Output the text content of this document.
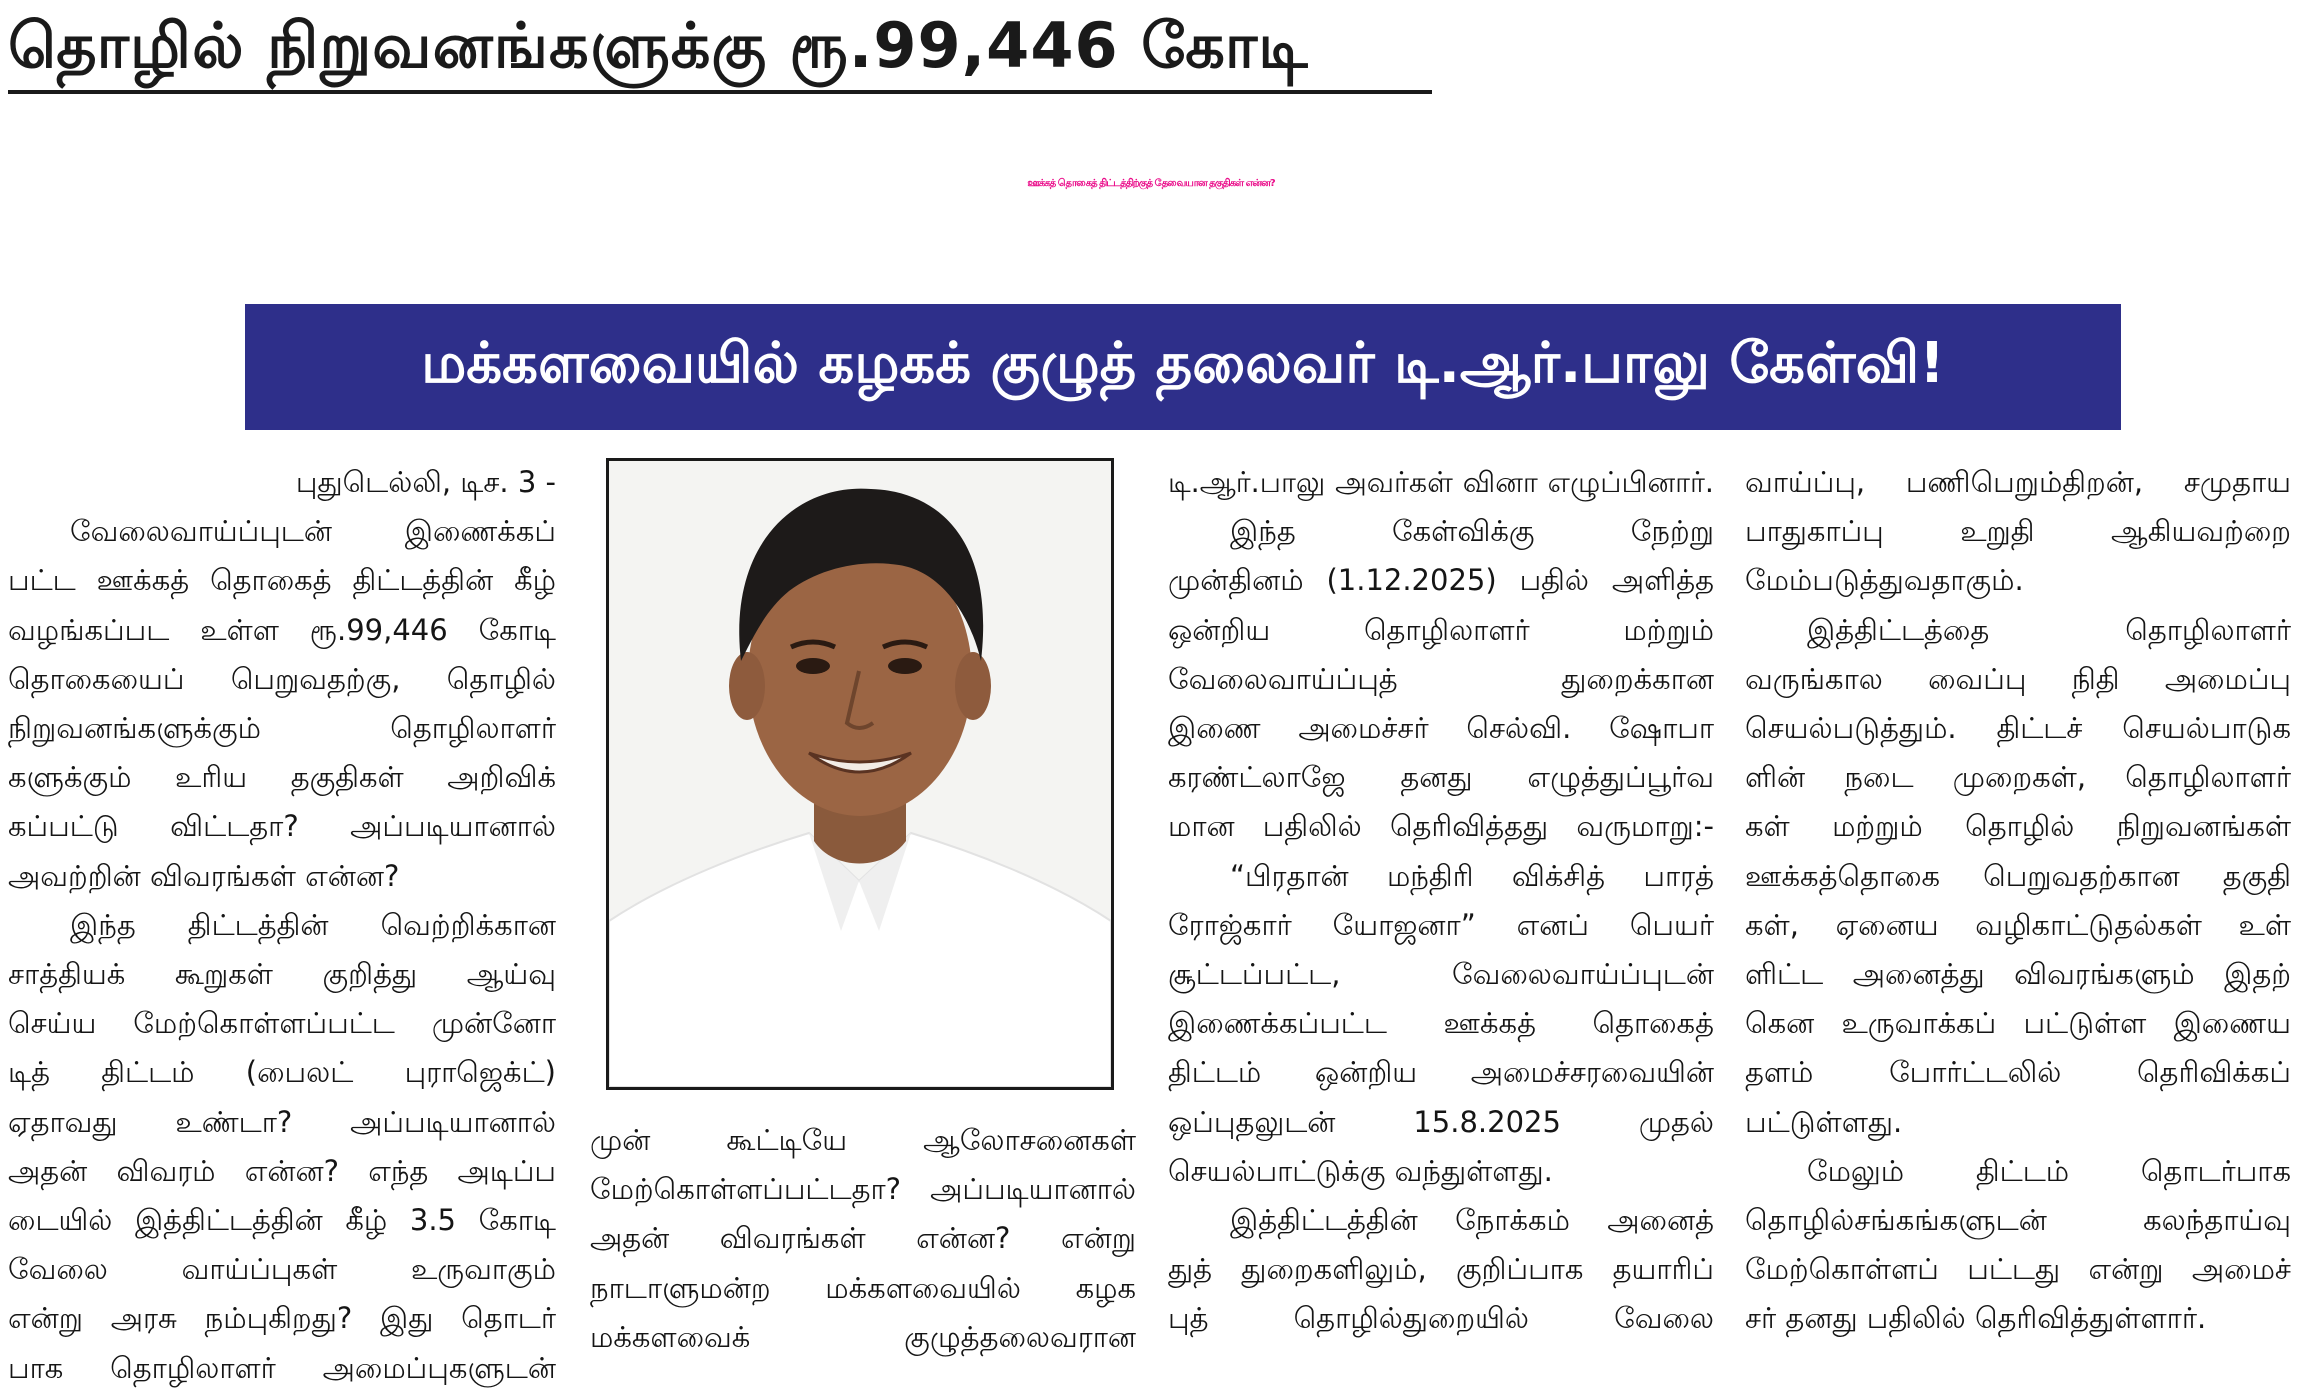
தொழில் நிறுவனங்களுக்கு ரூ.99,446 கோடி
ஊக்கத் தொகைத் திட்டத்திற்குத் தேவையான தகுதிகள் என்ன?
மக்களவையில் கழகக் குழுத் தலைவர் டி.ஆர்.பாலு கேள்வி!
புதுடெல்லி, டிச. 3 -
வேலைவாய்ப்புடன் இணைக்கப்
பட்ட ஊக்கத் தொகைத் திட்டத்தின் கீழ்
வழங்கப்பட உள்ள ரூ.99,446 கோடி
தொகையைப் பெறுவதற்கு, தொழில்
நிறுவனங்களுக்கும் தொழிலாளர்
களுக்கும் உரிய தகுதிகள் அறிவிக்
கப்பட்டு விட்டதா? அப்படியானால்
அவற்றின் விவரங்கள் என்ன?
இந்த திட்டத்தின் வெற்றிக்கான
சாத்தியக் கூறுகள் குறித்து ஆய்வு
செய்ய மேற்கொள்ளப்பட்ட முன்னோ
டித் திட்டம் (பைலட் புராஜெக்ட்)
ஏதாவது உண்டா? அப்படியானால்
அதன் விவரம் என்ன? எந்த அடிப்ப
டையில் இத்திட்டத்தின் கீழ் 3.5 கோடி
வேலை வாய்ப்புகள் உருவாகும்
என்று அரசு நம்புகிறது? இது தொடர்
பாக தொழிலாளர் அமைப்புகளுடன்
முன் கூட்டியே ஆலோசனைகள்
மேற்கொள்ளப்பட்டதா? அப்படியானால்
அதன் விவரங்கள் என்ன? என்று
நாடாளுமன்ற மக்களவையில் கழக
மக்களவைக் குழுத்தலைவரான
டி.ஆர்.பாலு அவர்கள் வினா எழுப்பினார்.
இந்த கேள்விக்கு நேற்று
முன்தினம் (1.12.2025) பதில் அளித்த
ஒன்றிய தொழிலாளர் மற்றும்
வேலைவாய்ப்புத் துறைக்கான
இணை அமைச்சர் செல்வி. ஷோபா
கரண்ட்லாஜே தனது எழுத்துப்பூர்வ
மான பதிலில் தெரிவித்தது வருமாறு:-
“பிரதான் மந்திரி விக்சித் பாரத்
ரோஜ்கார் யோஜனா” எனப் பெயர்
சூட்டப்பட்ட, வேலைவாய்ப்புடன்
இணைக்கப்பட்ட ஊக்கத் தொகைத்
திட்டம் ஒன்றிய அமைச்சரவையின்
ஒப்புதலுடன் 15.8.2025 முதல்
செயல்பாட்டுக்கு வந்துள்ளது.
இத்திட்டத்தின் நோக்கம் அனைத்
துத் துறைகளிலும், குறிப்பாக தயாரிப்
புத் தொழில்துறையில் வேலை
வாய்ப்பு, பணிபெறும்திறன், சமுதாய
பாதுகாப்பு உறுதி ஆகியவற்றை
மேம்படுத்துவதாகும்.
இத்திட்டத்தை தொழிலாளர்
வருங்கால வைப்பு நிதி அமைப்பு
செயல்படுத்தும். திட்டச் செயல்பாடுக
ளின் நடை முறைகள், தொழிலாளர்
கள் மற்றும் தொழில் நிறுவனங்கள்
ஊக்கத்தொகை பெறுவதற்கான தகுதி
கள், ஏனைய வழிகாட்டுதல்கள் உள்
ளிட்ட அனைத்து விவரங்களும் இதற்
கென உருவாக்கப் பட்டுள்ள இணைய
தளம் போர்ட்டலில் தெரிவிக்கப்
பட்டுள்ளது.
மேலும் திட்டம் தொடர்பாக
தொழில்சங்கங்களுடன் கலந்தாய்வு
மேற்கொள்ளப் பட்டது என்று அமைச்
சர் தனது பதிலில் தெரிவித்துள்ளார்.
